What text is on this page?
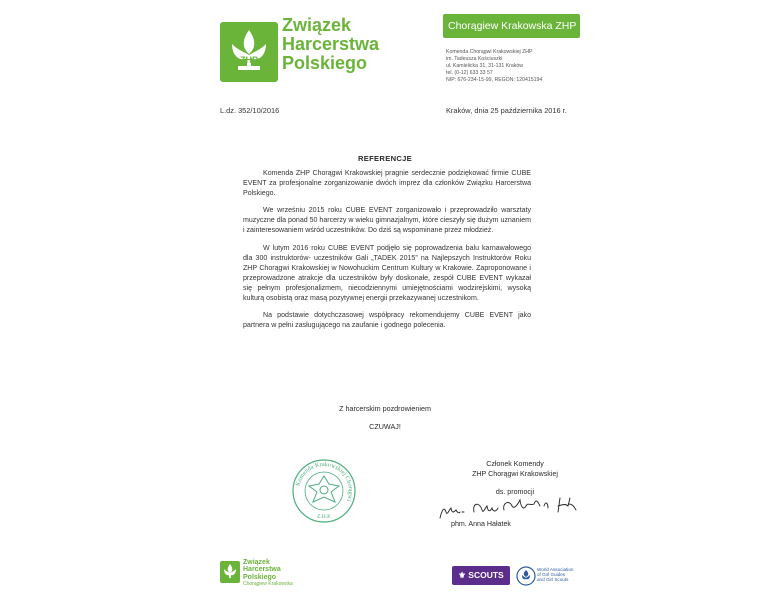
ZHP
Związek
Harcerstwa
Polskiego
Chorągiew Krakowska ZHP
Komenda Chorągwi Krakowskiej ZHP
im. Tadeusza Kościuszki
ul. Kamielicka 31, 31-131 Kraków
tel. (0-12) 633 33 57
NIP: 676-234-15-99, REGON: 120415194
L.dz. 352/10/2016	Kraków, dnia 25 października 2016 r.
REFERENCJE

Komenda ZHP Chorągwi Krakowskiej pragnie serdecznie podziękować firmie CUBE EVENT za profesjonalne zorganizowanie dwóch imprez dla członków Związku Harcerstwa Polskiego.

We wrześniu 2015 roku CUBE EVENT zorganizowało i przeprowadziło warsztaty muzyczne dla ponad 50 harcerzy w wieku gimnazjalnym, które cieszyły się dużym uznaniem i zainteresowaniem wśród uczestników. Do dziś są wspominane przez młodzież.

W lutym 2016 roku CUBE EVENT podjęło się poprowadzenia balu karnawałowego dla 300 instruktorów- uczestników Gali „TADEK 2015” na Najlepszych Instruktorów Roku ZHP Chorągwi Krakowskiej w Nowohuckim Centrum Kultury w Krakowie. Zaproponowane i przeprowadzone atrakcje dla uczestników były doskonałe, zespół CUBE EVENT wykazał się pełnym profesjonalizmem, niecodziennymi umiejętnościami wodzirejskimi, wysoką kulturą osobistą oraz masą pozytywnej energii przekazywanej uczestnikom.

Na podstawie dotychczasowej współpracy rekomendujemy CUBE EVENT jako partnera w pełni zasługującego na zaufanie i godnego polecenia.

Z harcerskim pozdrowieniem
CZUWAJ!
Komenda Krakowskiej Chorągwi
Z.H.P.
Członek Komendy
ZHP Chorągwi Krakowskiej
ds. promocji
phm. Anna Hałatek
Związek
Harcerstwa
Polskiego
Chorągiew Krakowska
⚜ SCOUTS
World Association
of Girl Guides
and Girl Scouts
